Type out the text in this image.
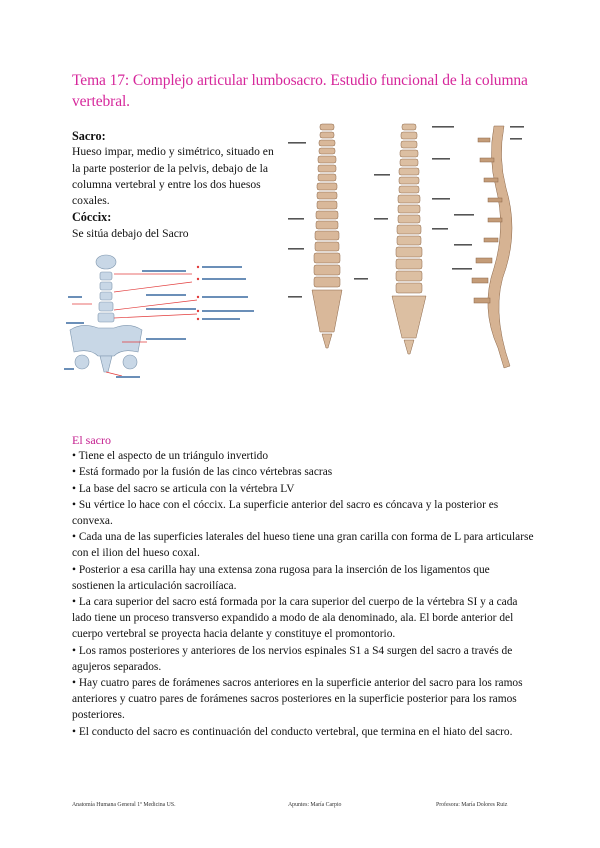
Tema 17: Complejo articular lumbosacro. Estudio funcional de la columna vertebral.
Sacro:
Hueso impar, medio y simétrico, situado en la parte posterior de la pelvis, debajo de la columna vertebral y entre los dos huesos coxales.
Cóccix:
Se sitúa debajo del Sacro
El sacro

• Tiene el aspecto de un triángulo invertido

• Está formado por la fusión de las cinco vértebras sacras

• La base del sacro se articula con la vértebra LV

• Su vértice lo hace con el cóccix. La superficie anterior del sacro es cóncava y la posterior es convexa.

• Cada una de las superficies laterales del hueso tiene una gran carilla con forma de L para articularse con el ilion del hueso coxal.

• Posterior a esa carilla hay una extensa zona rugosa para la inserción de los ligamentos que sostienen la articulación sacroilíaca.

• La cara superior del sacro está formada por la cara superior del cuerpo de la vértebra SI y a cada lado tiene un proceso transverso expandido a modo de ala denominado, ala. El borde anterior del cuerpo vertebral se proyecta hacia delante y constituye el promontorio.

• Los ramos posteriores y anteriores de los nervios espinales S1 a S4 surgen del sacro a través de agujeros separados.

• Hay cuatro pares de forámenes sacros anteriores en la superficie anterior del sacro para los ramos anteriores y cuatro pares de forámenes sacros posteriores en la superficie posterior para los ramos posteriores.

• El conducto del sacro es continuación del conducto vertebral, que termina en el hiato del sacro.

Anatomía Humana General 1º Medicina US.	Apuntes: María Carpio	Profesora: María Dolores Ruiz
